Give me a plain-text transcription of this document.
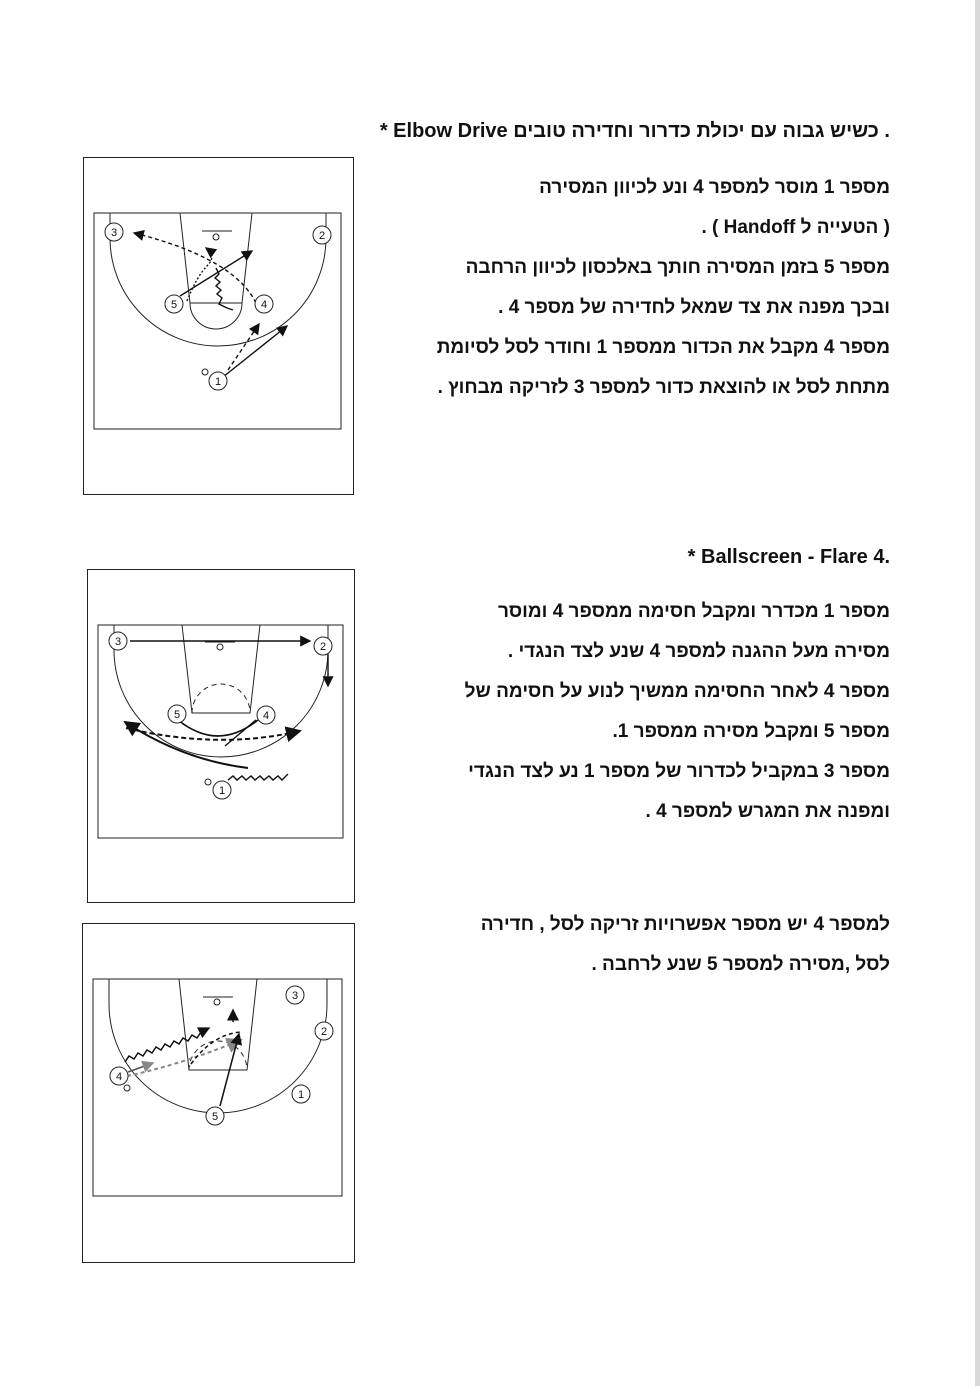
* Elbow Drive כשיש גבוה עם יכולת כדרור וחדירה טובים .
מספר 1 מוסר למספר 4 ונע לכיוון המסירה
( הטעייה ל Handoff ) .
מספר 5 בזמן המסירה חותך באלכסון לכיוון הרחבה
ובכך מפנה את צד שמאל לחדירה של מספר 4 .
מספר 4 מקבל את הכדור ממספר 1 וחודר לסל לסיומת
מתחת לסל או להוצאת כדור למספר 3 לזריקה מבחוץ .
3	2
5	4
1
* Ballscreen - Flare 4.
מספר 1 מכדרר ומקבל חסימה ממספר 4 ומוסר
מסירה מעל ההגנה למספר 4 שנע לצד הנגדי .
מספר 4 לאחר החסימה ממשיך לנוע על חסימה של
מספר 5 ומקבל מסירה ממספר 1.
מספר 3 במקביל לכדרור של מספר 1 נע לצד הנגדי
ומפנה את המגרש למספר 4 .
3	2
5	4
1
למספר 4 יש מספר אפשרויות זריקה לסל , חדירה
לסל ,מסירה למספר 5 שנע לרחבה .
3
2
4
1
5
